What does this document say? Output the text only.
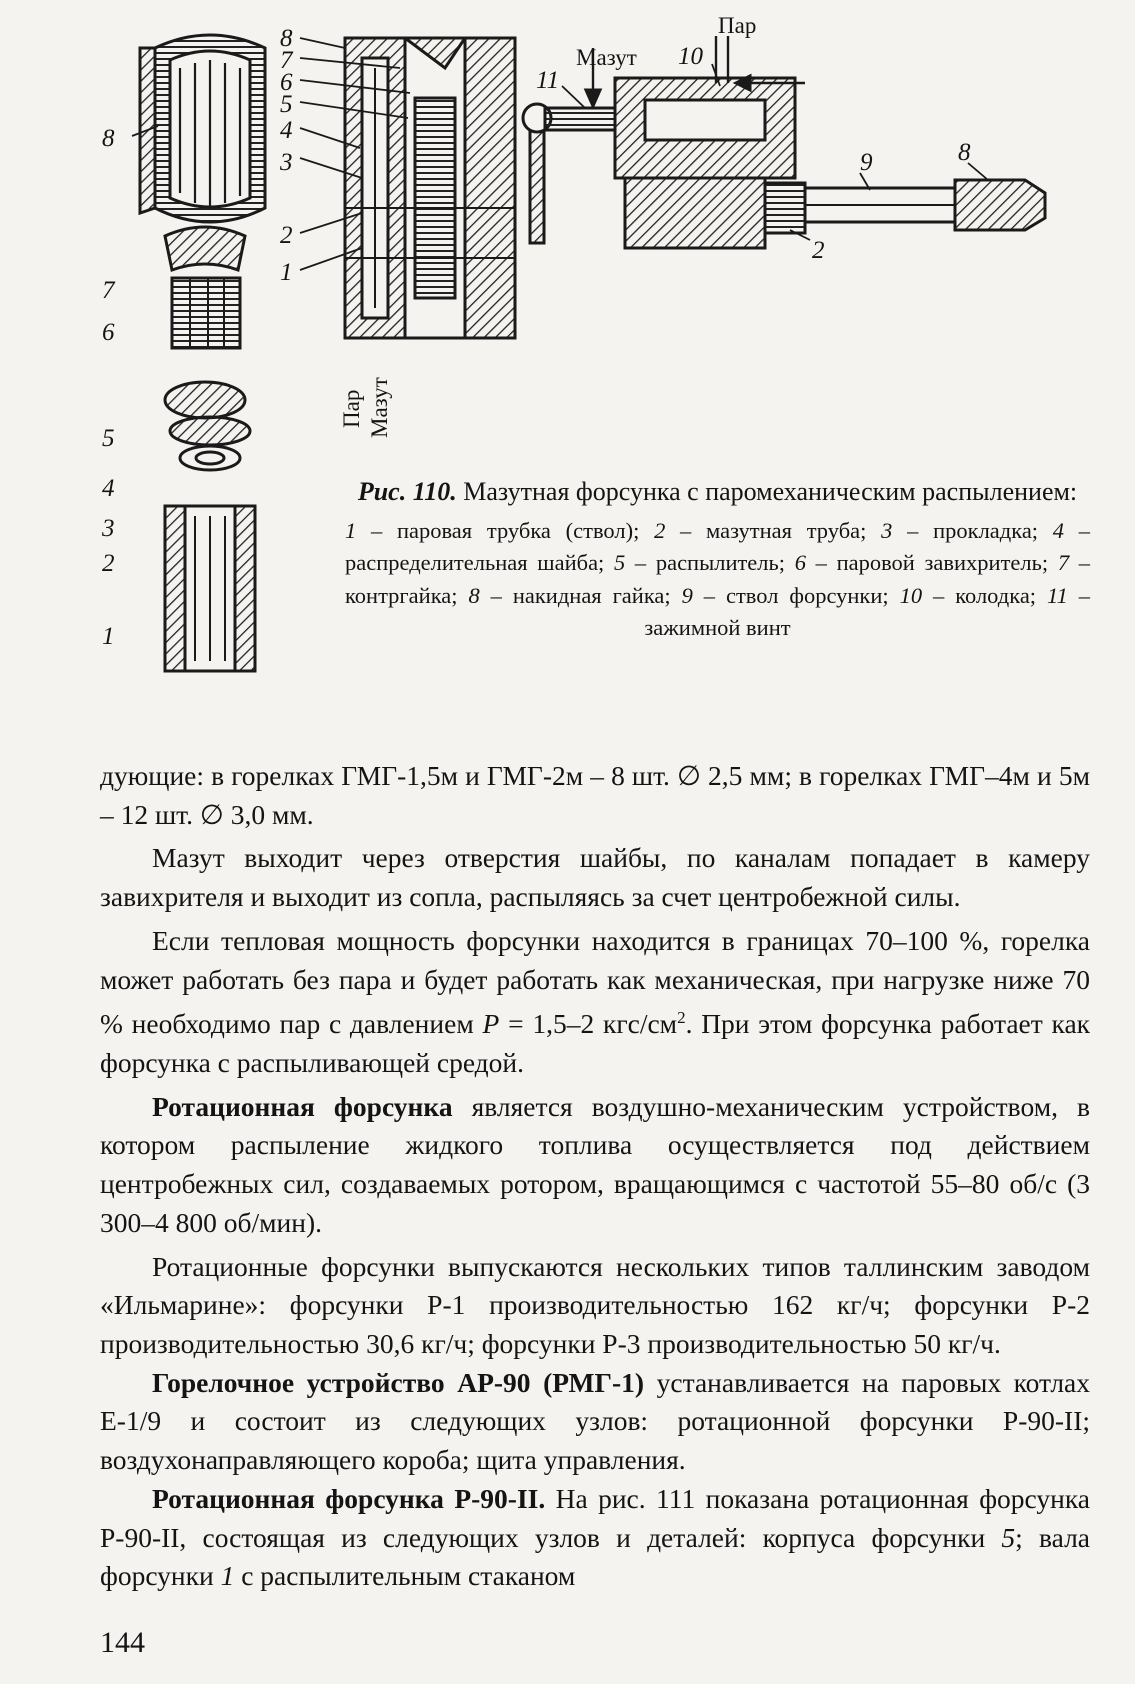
8
7
6
5
4
3
2
1
8
7
6
5
4
3
2
1
Пар Мазут
Пар
Мазут 10
11
9	8
2
Рис. 110. Мазутная форсунка с паромеханическим распылением:
1 – паровая трубка (ствол); 2 – мазутная труба; 3 – прокладка; 4 – распределительная шайба; 5 – распылитель; 6 – паровой завихритель; 7 – контргайка; 8 – накидная гайка; 9 – ствол форсунки; 10 – колодка; 11 – зажимной винт

дующие: в горелках ГМГ-1,5м и ГМГ-2м – 8 шт. ∅ 2,5 мм; в горелках ГМГ–4м и 5м – 12 шт. ∅ 3,0 мм.

Мазут выходит через отверстия шайбы, по каналам попадает в камеру завихрителя и выходит из сопла, распыляясь за счет центробежной силы.

Если тепловая мощность форсунки находится в границах 70–100 %, горелка может работать без пара и будет работать как механическая, при нагрузке ниже 70 % необходимо пар с давлением P = 1,5–2 кгс/$см^2$. При этом форсунка работает как форсунка с распыливающей средой.

Ротационная форсунка является воздушно-механическим устройством, в котором распыление жидкого топлива осуществляется под действием центробежных сил, создаваемых ротором, вращающимся с частотой 55–80 об/с (3 300–4 800 об/мин).

Ротационные форсунки выпускаются нескольких типов таллинским заводом «Ильмарине»: форсунки Р-1 производительностью 162 кг/ч; форсунки Р-2 производительностью 30,6 кг/ч; форсунки Р-3 производительностью 50 кг/ч.

Горелочное устройство АР-90 (РМГ-1) устанавливается на паровых котлах Е-1/9 и состоит из следующих узлов: ротационной форсунки Р-90-II; воздухонаправляющего короба; щита управления.

Ротационная форсунка Р-90-II. На рис. 111 показана ротационная форсунка Р-90-II, состоящая из следующих узлов и деталей: корпуса форсунки 5; вала форсунки 1 с распылительным стаканом

144
